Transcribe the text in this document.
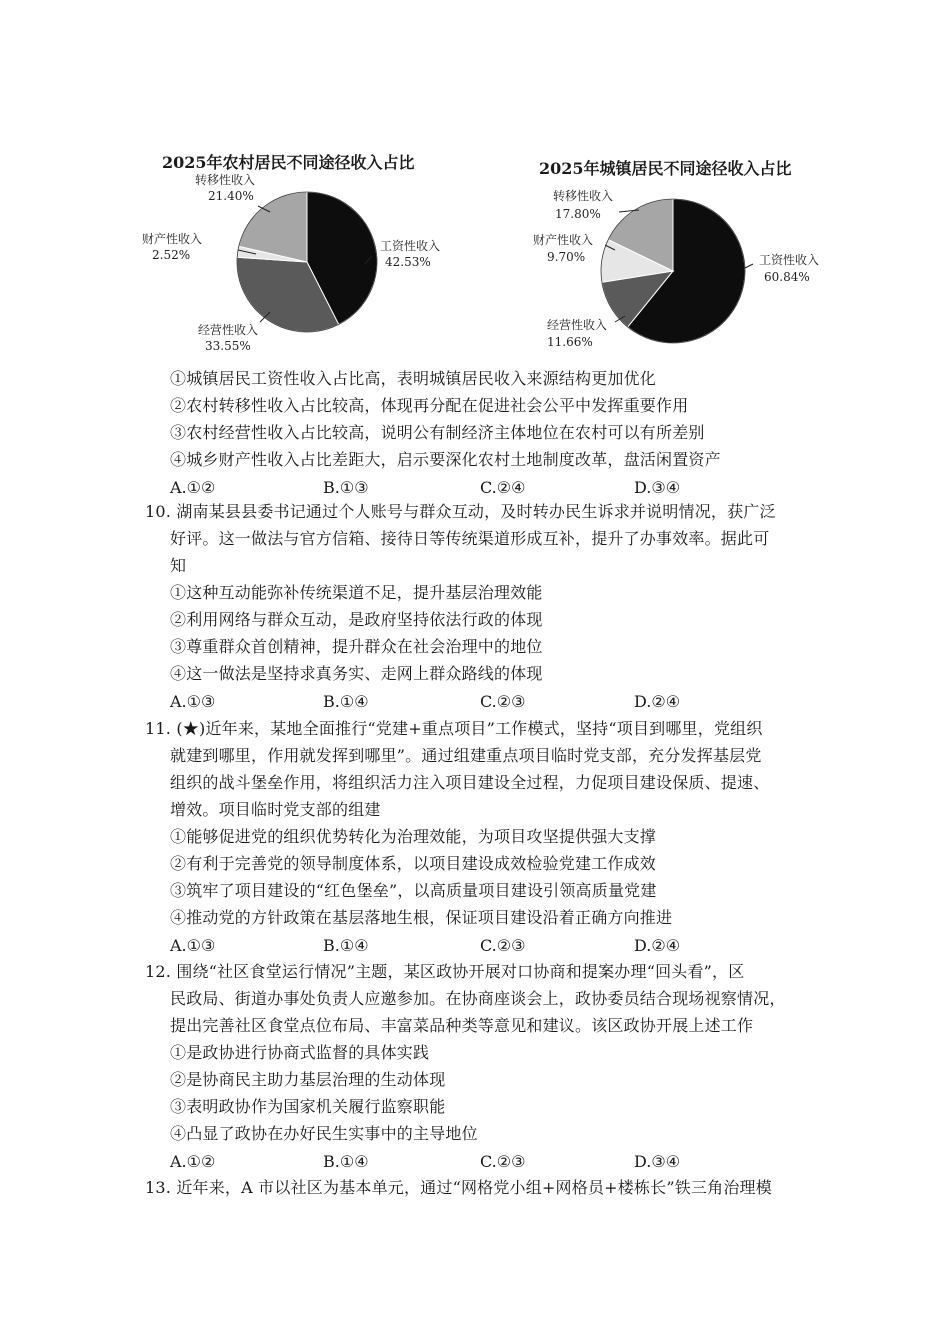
2025年农村居民不同途径收入占比
工资性收入
42.53%
经营性收入
33.55%
财产性收入
2.52%
转移性收入
21.40%
2025年城镇居民不同途径收入占比
工资性收入
60.84%
经营性收入
11.66%
财产性收入
9.70%
转移性收入
17.80%
①城镇居民工资性收入占比高，表明城镇居民收入来源结构更加优化
②农村转移性收入占比较高，体现再分配在促进社会公平中发挥重要作用
③农村经营性收入占比较高，说明公有制经济主体地位在农村可以有所差别
④城乡财产性收入占比差距大，启示要深化农村土地制度改革，盘活闲置资产
A.①②	B.①③	C.②④	D.③④
10. 湖南某县县委书记通过个人账号与群众互动，及时转办民生诉求并说明情况，获广泛
好评。这一做法与官方信箱、接待日等传统渠道形成互补，提升了办事效率。据此可
知
①这种互动能弥补传统渠道不足，提升基层治理效能
②利用网络与群众互动，是政府坚持依法行政的体现
③尊重群众首创精神，提升群众在社会治理中的地位
④这一做法是坚持求真务实、走网上群众路线的体现
A.①③	B.①④	C.②③	D.②④
11. (★)近年来，某地全面推行“党建+重点项目”工作模式，坚持“项目到哪里，党组织
就建到哪里，作用就发挥到哪里”。通过组建重点项目临时党支部，充分发挥基层党
组织的战斗堡垒作用，将组织活力注入项目建设全过程，力促项目建设保质、提速、
增效。项目临时党支部的组建
①能够促进党的组织优势转化为治理效能，为项目攻坚提供强大支撑
②有利于完善党的领导制度体系，以项目建设成效检验党建工作成效
③筑牢了项目建设的“红色堡垒”，以高质量项目建设引领高质量党建
④推动党的方针政策在基层落地生根，保证项目建设沿着正确方向推进
A.①③	B.①④	C.②③	D.②④
12. 围绕“社区食堂运行情况”主题，某区政协开展对口协商和提案办理“回头看”，区
民政局、街道办事处负责人应邀参加。在协商座谈会上，政协委员结合现场视察情况，
提出完善社区食堂点位布局、丰富菜品种类等意见和建议。该区政协开展上述工作
①是政协进行协商式监督的具体实践
②是协商民主助力基层治理的生动体现
③表明政协作为国家机关履行监察职能
④凸显了政协在办好民生实事中的主导地位
A.①②	B.①④	C.②③	D.③④
13. 近年来，A 市以社区为基本单元，通过“网格党小组+网格员+楼栋长”铁三角治理模
